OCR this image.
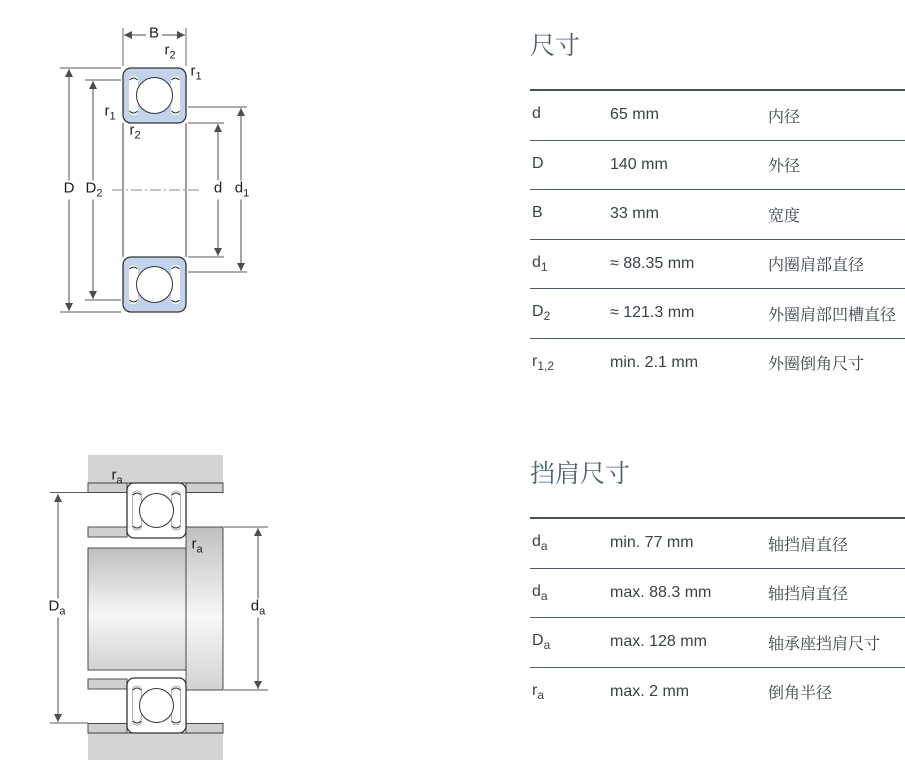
B
$r_2$
$r_1$
$r_1$
$r_2$
D $D_2$	d $d_1$
$r_a$
$r_a$
$D_a$	$d_a$
尺寸
d	65 mm	内径
D	140 mm	外径
B	33 mm	宽度
$d_1$	≈ 88.35 mm	内圈肩部直径
$D_2$	≈ 121.3 mm	外圈肩部凹槽直径
$r_{1,2}$	min. 2.1 mm	外圈倒角尺寸
挡肩尺寸
$d_a$	min. 77 mm	轴挡肩直径
$d_a$	max. 88.3 mm	轴挡肩直径
$D_a$	max. 128 mm	轴承座挡肩尺寸
$r_a$	max. 2 mm	倒角半径
